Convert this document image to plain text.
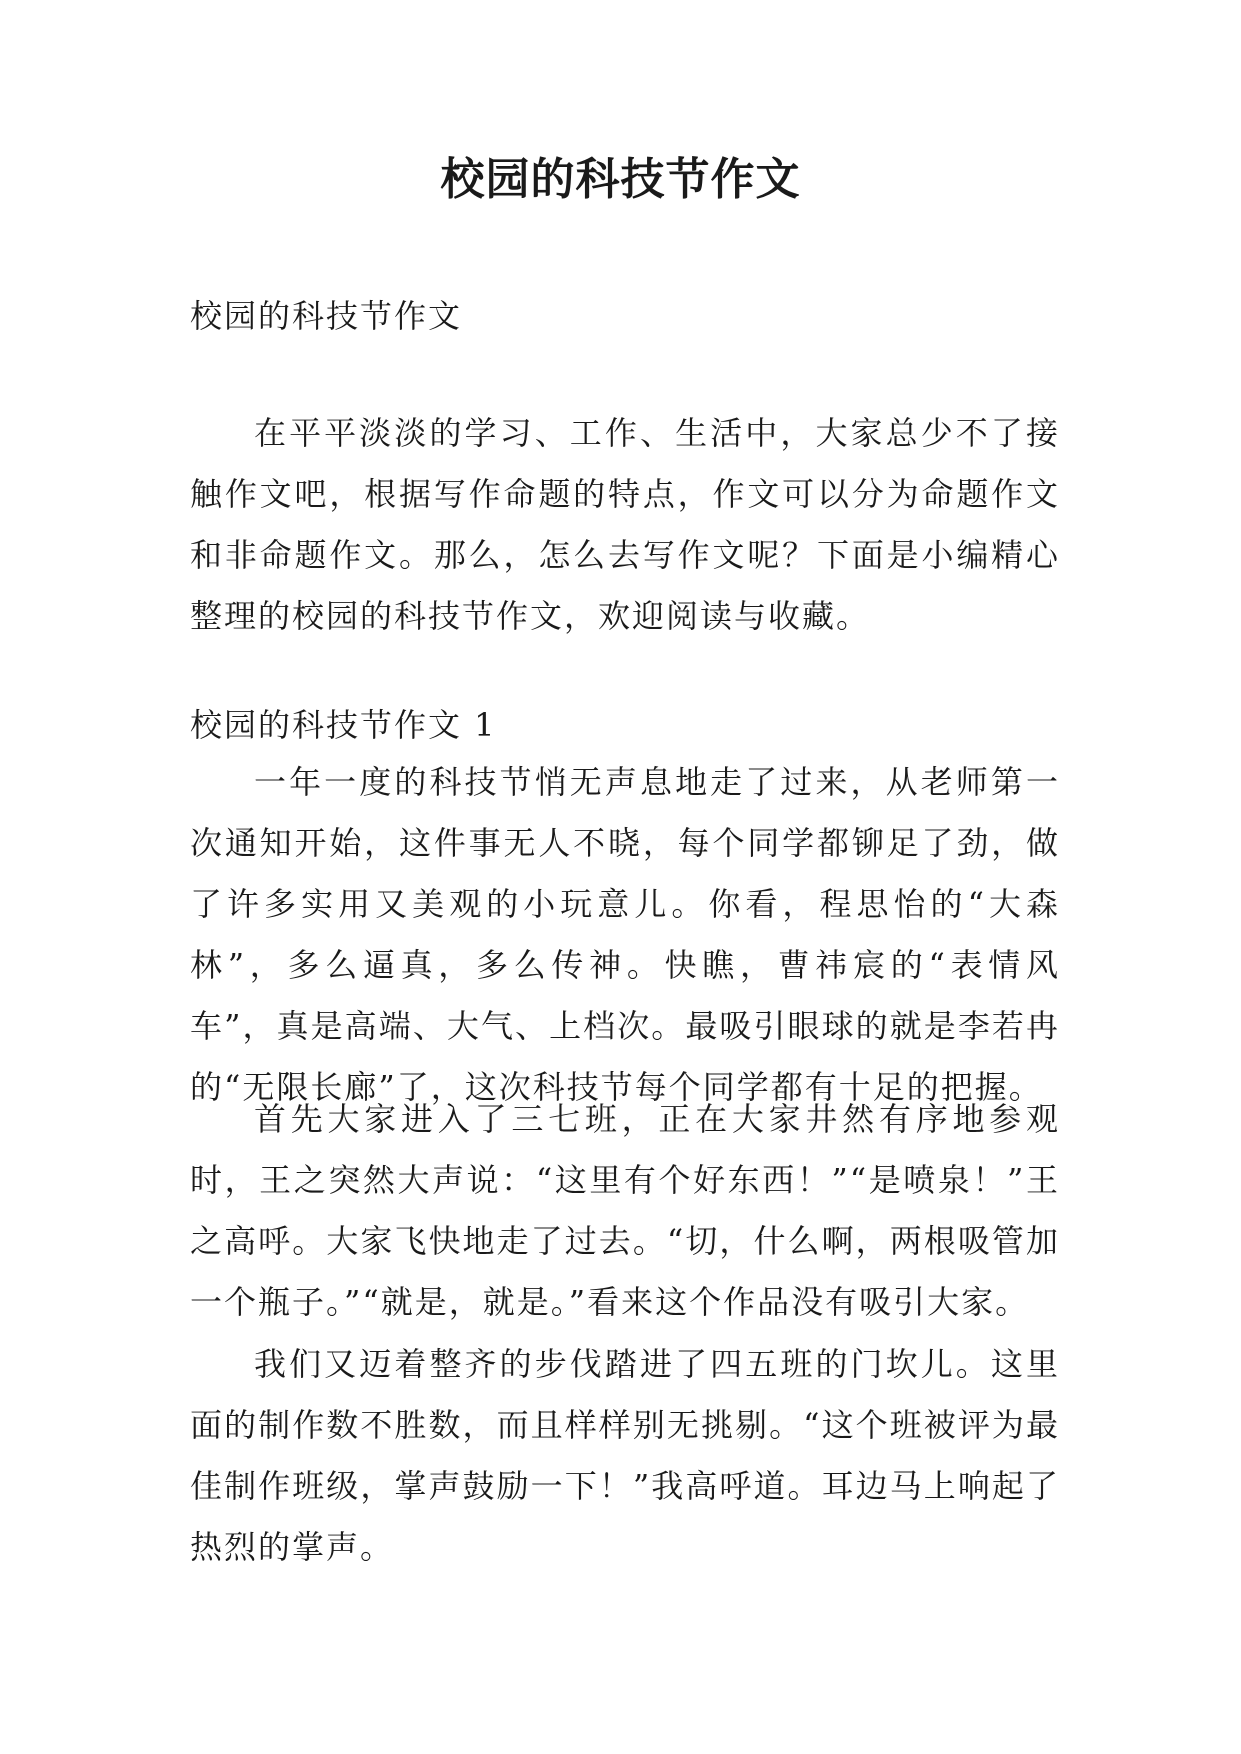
校园的科技节作文

校园的科技节作文

在平平淡淡的学习、工作、生活中，大家总少不了接触作文吧，根据写作命题的特点，作文可以分为命题作文和非命题作文。那么，怎么去写作文呢？下面是小编精心整理的校园的科技节作文，欢迎阅读与收藏。

校园的科技节作文 1

一年一度的科技节悄无声息地走了过来，从老师第一次通知开始，这件事无人不晓，每个同学都铆足了劲，做了许多实用又美观的小玩意儿。你看，程思怡的“大森林”，多么逼真，多么传神。快瞧，曹祎宸的“表情风车”，真是高端、大气、上档次。最吸引眼球的就是李若冉的“无限长廊”了，这次科技节每个同学都有十足的把握。

首先大家进入了三七班，正在大家井然有序地参观时，王之突然大声说：“这里有个好东西！”“是喷泉！”王之高呼。大家飞快地走了过去。“切，什么啊，两根吸管加一个瓶子。”“就是，就是。”看来这个作品没有吸引大家。

我们又迈着整齐的步伐踏进了四五班的门坎儿。这里面的制作数不胜数，而且样样别无挑剔。“这个班被评为最佳制作班级，掌声鼓励一下！”我高呼道。耳边马上响起了热烈的掌声。
